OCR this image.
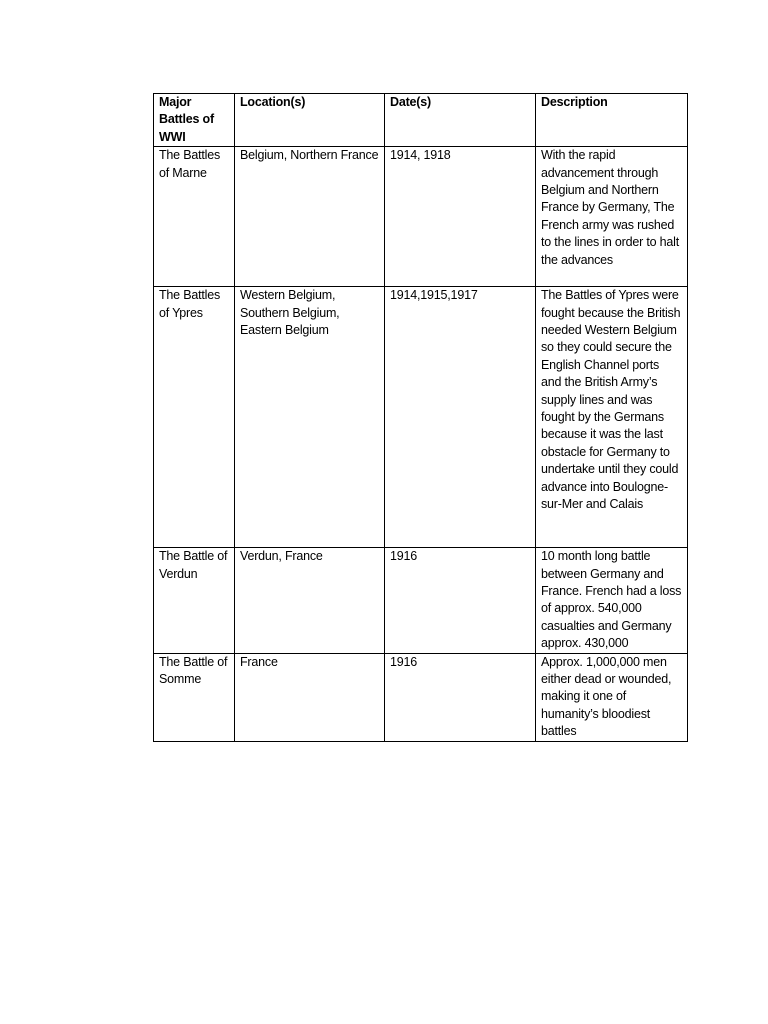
Major Battles of WWI	Location(s)	Date(s)	Description

The Battles of Marne	Belgium, Northern France	1914, 1918	With the rapid advancement through Belgium and Northern France by Germany, The French army was rushed to the lines in order to halt the advances

The Battles of Ypres	Western Belgium, Southern Belgium, Eastern Belgium	1914,1915,1917	The Battles of Ypres were fought because the British needed Western Belgium so they could secure the English Channel ports and the British Army’s supply lines and was fought by the Germans because it was the last obstacle for Germany to undertake until they could advance into Boulogne-sur-Mer and Calais

The Battle of Verdun	Verdun, France	1916	10 month long battle between Germany and France. French had a loss of approx. 540,000 casualties and Germany approx. 430,000

The Battle of Somme	France	1916	Approx. 1,000,000 men either dead or wounded, making it one of humanity’s bloodiest battles
